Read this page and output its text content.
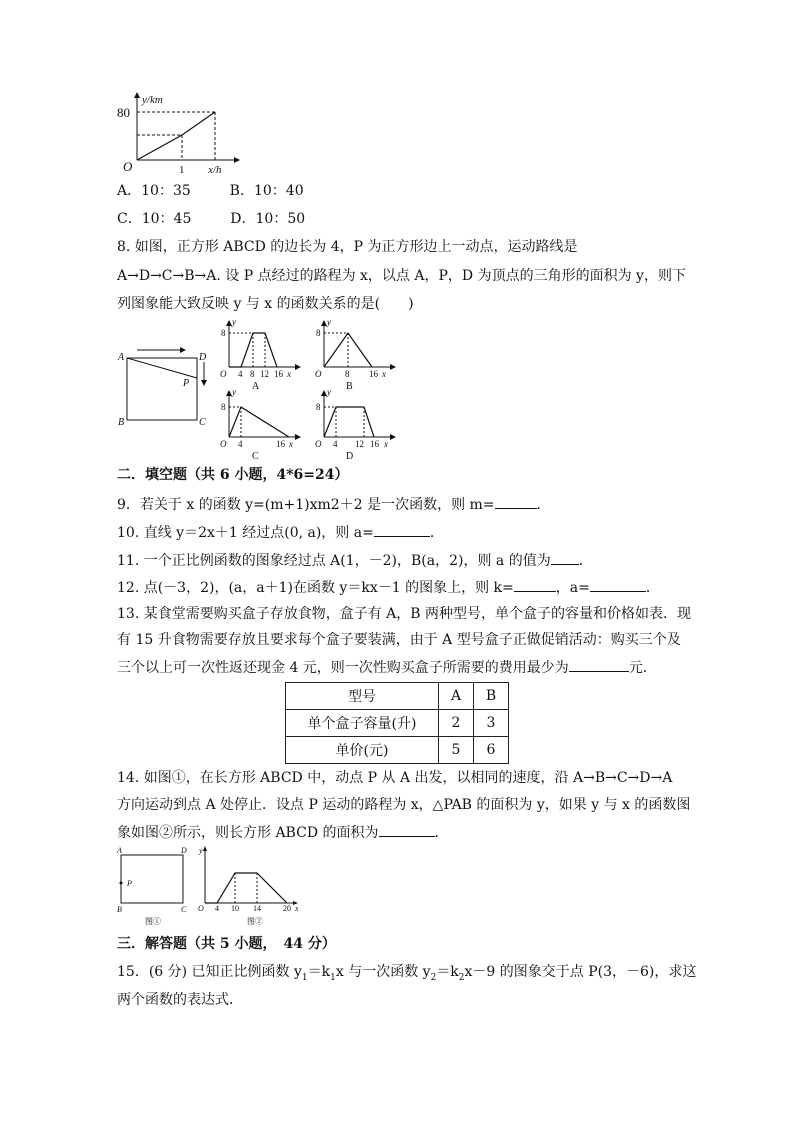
y/km
80
O	1 x/h
A．10：35	B．10：40
C．10：45	D．10：50
8. 如图，正方形 ABCD 的边长为 4，P 为正方形边上一动点，运动路线是
A→D→C→B→A. 设 P 点经过的路程为 x，以点 A，P，D 为顶点的三角形的面积为 y，则下
列图象能大致反映 y 与 x 的函数关系的是(　　)
A	D
P
B	C
y
8
O 4 8 12 16 x
A
y
8
O	8 16 x
B
y
8
O 4	16 x
C
y
8
O 4 12 16 x
D
二．填空题（共 6 小题，4*6=24）
9．若关于 x 的函数 y=(m+1)xm2＋2 是一次函数，则 m=	．
10. 直线 y＝2x＋1 经过点(0, a)，则 a=	．
11. 一个正比例函数的图象经过点 A(1，－2)，B(a，2)，则 a 的值为 ．
12. 点(－3，2)，(a，a＋1)在函数 y＝kx－1 的图象上，则 k=	，a=	．
13. 某食堂需要购买盒子存放食物，盒子有 A，B 两种型号，单个盒子的容量和价格如表．现
有 15 升食物需要存放且要求每个盒子要装满，由于 A 型号盒子正做促销活动：购买三个及
三个以上可一次性返还现金 4 元，则一次性购买盒子所需要的费用最少为	元．
型号	A	B
单个盒子容量(升)	2	3
单价(元)	5	6
14. 如图①，在长方形 ABCD 中，动点 P 从 A 出发，以相同的速度，沿 A→B→C→D→A
方向运动到点 A 处停止．设点 P 运动的路程为 x，△PAB 的面积为 y，如果 y 与 x 的函数图
象如图②所示，则长方形 ABCD 的面积为	.
A	D
P
B	C
图①
y
O 4 10 14	20 x
图②
三．解答题（共 5 小题，　44 分）
15．(6 分) 已知正比例函数 $y_1=k_1x$ 与一次函数 $y_2=k_2x-9$ 的图象交于点 P(3，－6)，求这
两个函数的表达式．
